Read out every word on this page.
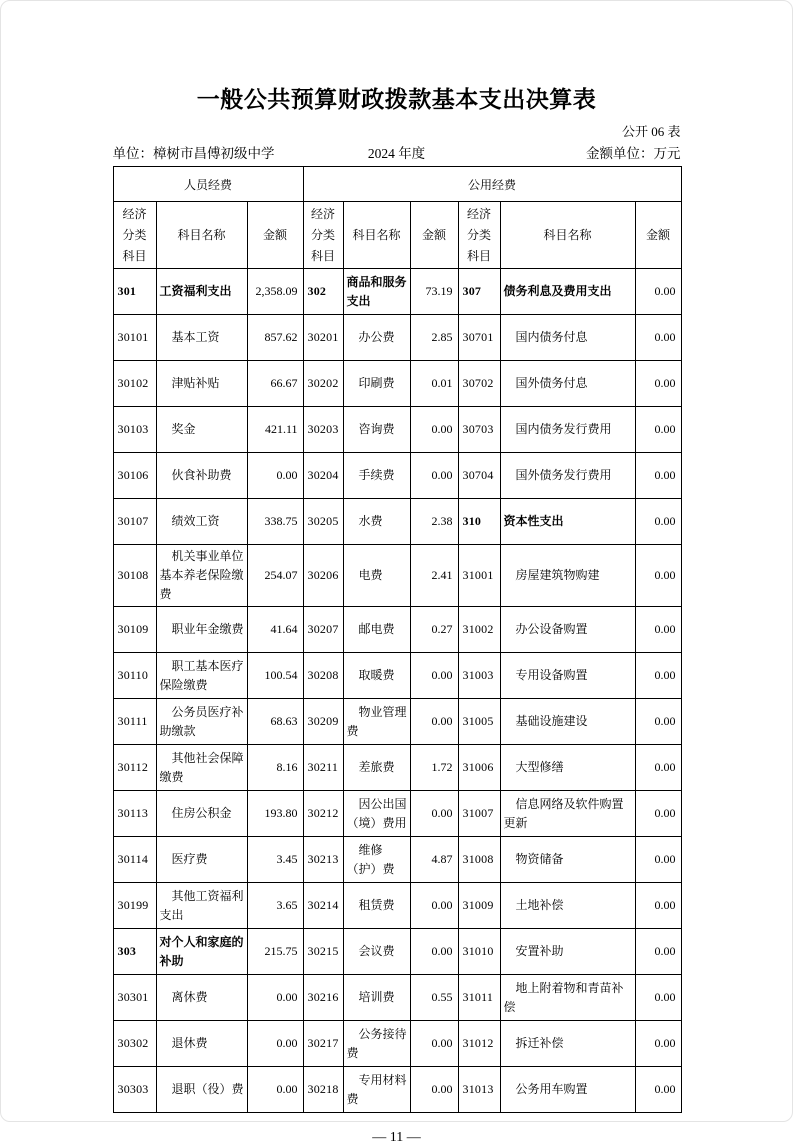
一般公共预算财政拨款基本支出决算表
公开 06 表
单位：樟树市昌傅初级中学	2024 年度	金额单位：万元
人员经费			公用经费					
经济分类科目	科目名称	金额	经济分类科目	科目名称	金额	经济分类科目	科目名称	金额
301	工资福利支出	2,358.09	302	商品和服务支出	73.19	307	债务利息及费用支出	0.00
30101	基本工资	857.62	30201	办公费	2.85	30701	国内债务付息	0.00
30102	津贴补贴	66.67	30202	印刷费	0.01	30702	国外债务付息	0.00
30103	奖金	421.11	30203	咨询费	0.00	30703	国内债务发行费用	0.00
30106	伙食补助费	0.00	30204	手续费	0.00	30704	国外债务发行费用	0.00
30107	绩效工资	338.75	30205	水费	2.38	310	资本性支出	0.00
30108	机关事业单位基本养老保险缴费	254.07	30206	电费	2.41	31001	房屋建筑物购建	0.00
30109	职业年金缴费	41.64	30207	邮电费	0.27	31002	办公设备购置	0.00
30110	职工基本医疗保险缴费	100.54	30208	取暖费	0.00	31003	专用设备购置	0.00
30111	公务员医疗补助缴款	68.63	30209	物业管理费	0.00	31005	基础设施建设	0.00
30112	其他社会保障缴费	8.16	30211	差旅费	1.72	31006	大型修缮	0.00
30113	住房公积金	193.80	30212	因公出国（境）费用	0.00	31007	信息网络及软件购置更新	0.00
30114	医疗费	3.45	30213	维修（护）费	4.87	31008	物资储备	0.00
30199	其他工资福利支出	3.65	30214	租赁费	0.00	31009	土地补偿	0.00
303	对个人和家庭的补助	215.75	30215	会议费	0.00	31010	安置补助	0.00
30301	离休费	0.00	30216	培训费	0.55	31011	地上附着物和青苗补偿	0.00
30302	退休费	0.00	30217	公务接待费	0.00	31012	拆迁补偿	0.00
30303	退职（役）费	0.00	30218	专用材料费	0.00	31013	公务用车购置	0.00
— 11 —
